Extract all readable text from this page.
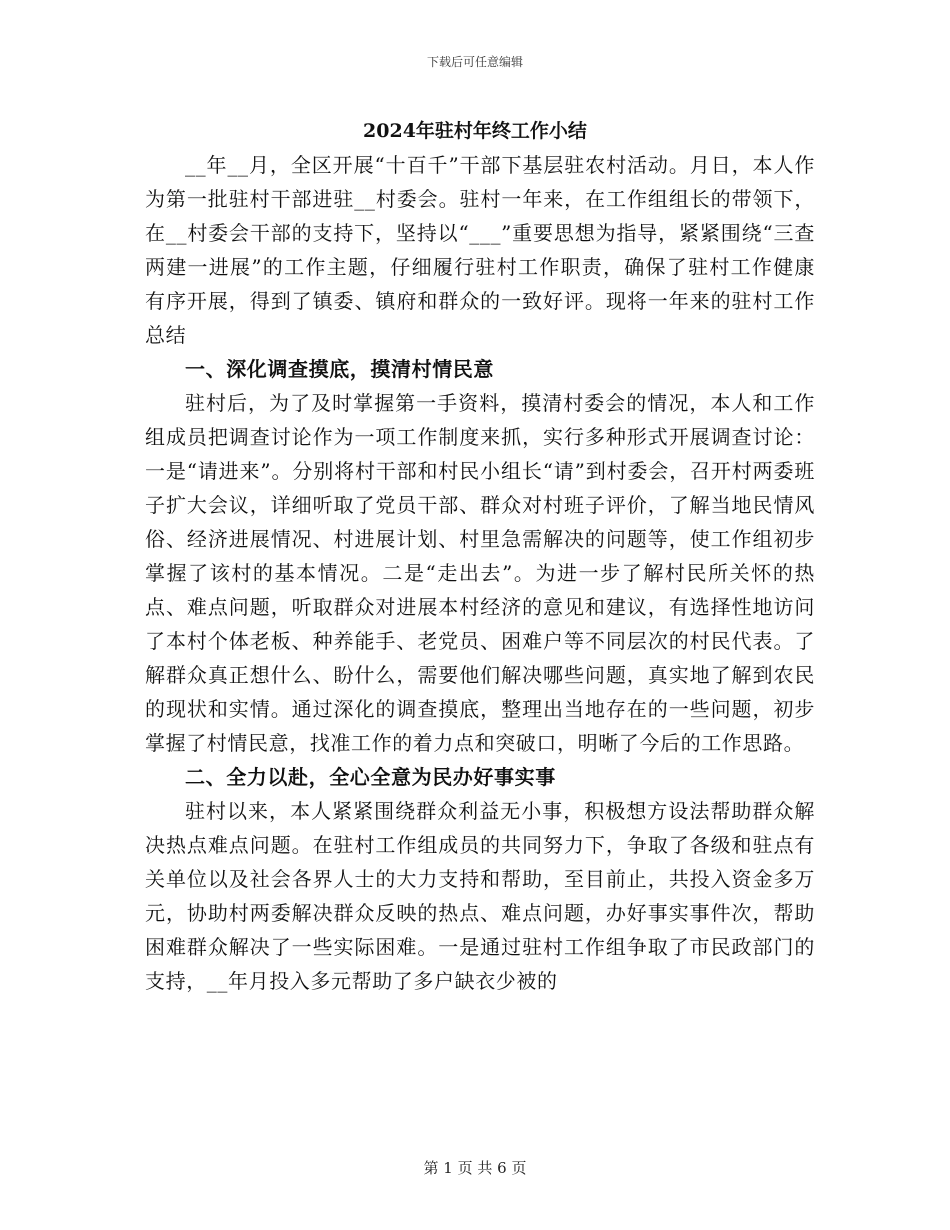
下载后可任意编辑
2024年驻村年终工作小结

__年__月，全区开展“十百千”干部下基层驻农村活动。月日，本人作为第一批驻村干部进驻__村委会。驻村一年来，在工作组组长的带领下，在__村委会干部的支持下，坚持以“___”重要思想为指导，紧紧围绕“三查两建一进展”的工作主题，仔细履行驻村工作职责，确保了驻村工作健康有序开展，得到了镇委、镇府和群众的一致好评。现将一年来的驻村工作总结

一、深化调查摸底，摸清村情民意

驻村后，为了及时掌握第一手资料，摸清村委会的情况，本人和工作组成员把调查讨论作为一项工作制度来抓，实行多种形式开展调查讨论：一是“请进来”。分别将村干部和村民小组长“请”到村委会，召开村两委班子扩大会议，详细听取了党员干部、群众对村班子评价，了解当地民情风俗、经济进展情况、村进展计划、村里急需解决的问题等，使工作组初步掌握了该村的基本情况。二是“走出去”。为进一步了解村民所关怀的热点、难点问题，听取群众对进展本村经济的意见和建议，有选择性地访问了本村个体老板、种养能手、老党员、困难户等不同层次的村民代表。了解群众真正想什么、盼什么，需要他们解决哪些问题，真实地了解到农民的现状和实情。通过深化的调查摸底，整理出当地存在的一些问题，初步掌握了村情民意，找准工作的着力点和突破口，明晰了今后的工作思路。

二、全力以赴，全心全意为民办好事实事

驻村以来，本人紧紧围绕群众利益无小事，积极想方设法帮助群众解决热点难点问题。在驻村工作组成员的共同努力下，争取了各级和驻点有关单位以及社会各界人士的大力支持和帮助，至目前止，共投入资金多万元，协助村两委解决群众反映的热点、难点问题，办好事实事件次，帮助困难群众解决了一些实际困难。一是通过驻村工作组争取了市民政部门的支持，__年月投入多元帮助了多户缺衣少被的

第 1 页 共 6 页
